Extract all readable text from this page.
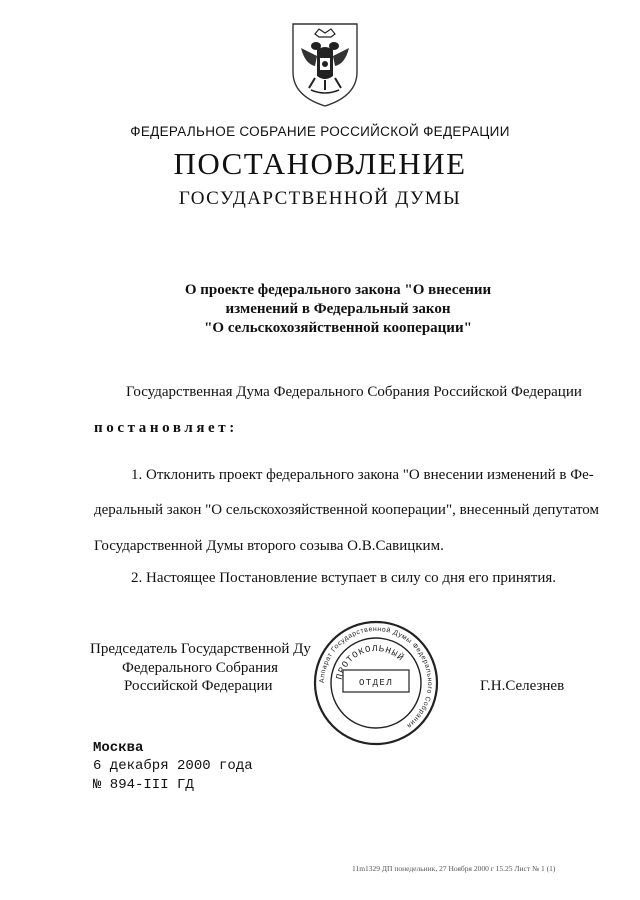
ФЕДЕРАЛЬНОЕ СОБРАНИЕ РОССИЙСКОЙ ФЕДЕРАЦИИ
ПОСТАНОВЛЕНИЕ
ГОСУДАРСТВЕННОЙ ДУМЫ
О проекте федерального закона "О внесении
изменений в Федеральный закон
"О сельскохозяйственной кооперации"
Государственная Дума Федерального Собрания Российской Федерации
постановляет:
1. Отклонить проект федерального закона "О внесении изменений в Фе-
деральный закон "О сельскохозяйственной кооперации", внесенный депутатом
Государственной Думы второго созыва О.В.Савицким.
2. Настоящее Постановление вступает в силу со дня его принятия.
Председатель Государственной Ду
Федерального Собрания
Российской Федерации	Аппарат Государственной Думы Федерального Собрания
ПРОТОКОЛЬНЫЙ
ОТДЕЛ	Г.Н.Селезнев
Москва
6 декабря 2000 года
№ 894-III ГД
11m1329 ДП понедельник, 27 Ноября 2000 г 15.25 Лист № 1 (1)
